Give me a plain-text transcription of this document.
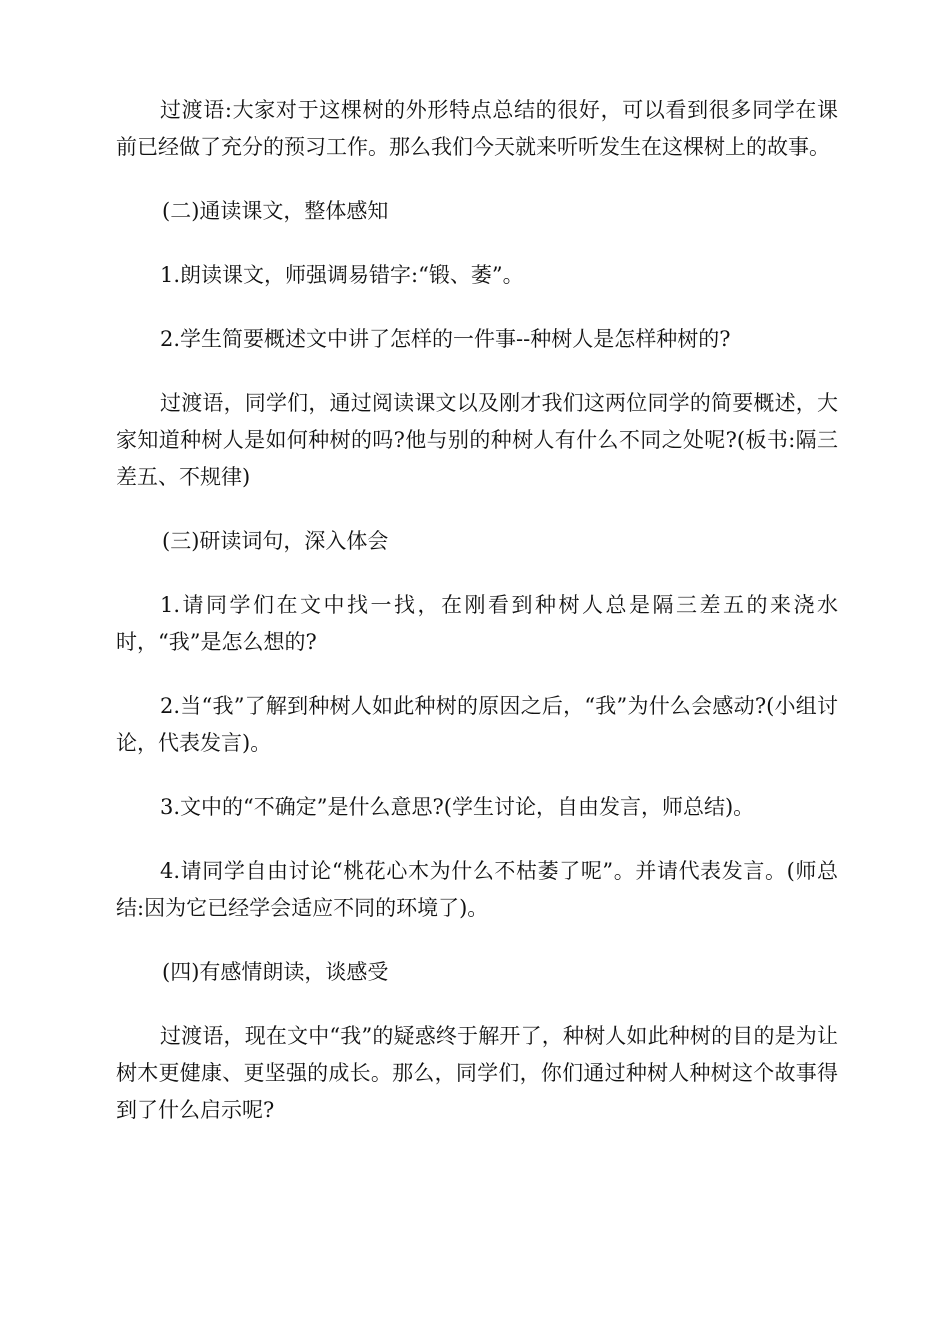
过渡语:大家对于这棵树的外形特点总结的很好，可以看到很多同学在课前已经做了充分的预习工作。那么我们今天就来听听发生在这棵树上的故事。

(二)通读课文，整体感知

1.朗读课文，师强调易错字:“锻、萎”。

2.学生简要概述文中讲了怎样的一件事--种树人是怎样种树的?

过渡语，同学们，通过阅读课文以及刚才我们这两位同学的简要概述，大家知道种树人是如何种树的吗?他与别的种树人有什么不同之处呢?(板书:隔三差五、不规律)

(三)研读词句，深入体会

1.请同学们在文中找一找，在刚看到种树人总是隔三差五的来浇水时，“我”是怎么想的?

2.当“我”了解到种树人如此种树的原因之后，“我”为什么会感动?(小组讨论，代表发言)。

3.文中的“不确定”是什么意思?(学生讨论，自由发言，师总结)。

4.请同学自由讨论“桃花心木为什么不枯萎了呢”。并请代表发言。(师总结:因为它已经学会适应不同的环境了)。

(四)有感情朗读，谈感受

过渡语，现在文中“我”的疑惑终于解开了，种树人如此种树的目的是为让树木更健康、更坚强的成长。那么，同学们，你们通过种树人种树这个故事得到了什么启示呢?
